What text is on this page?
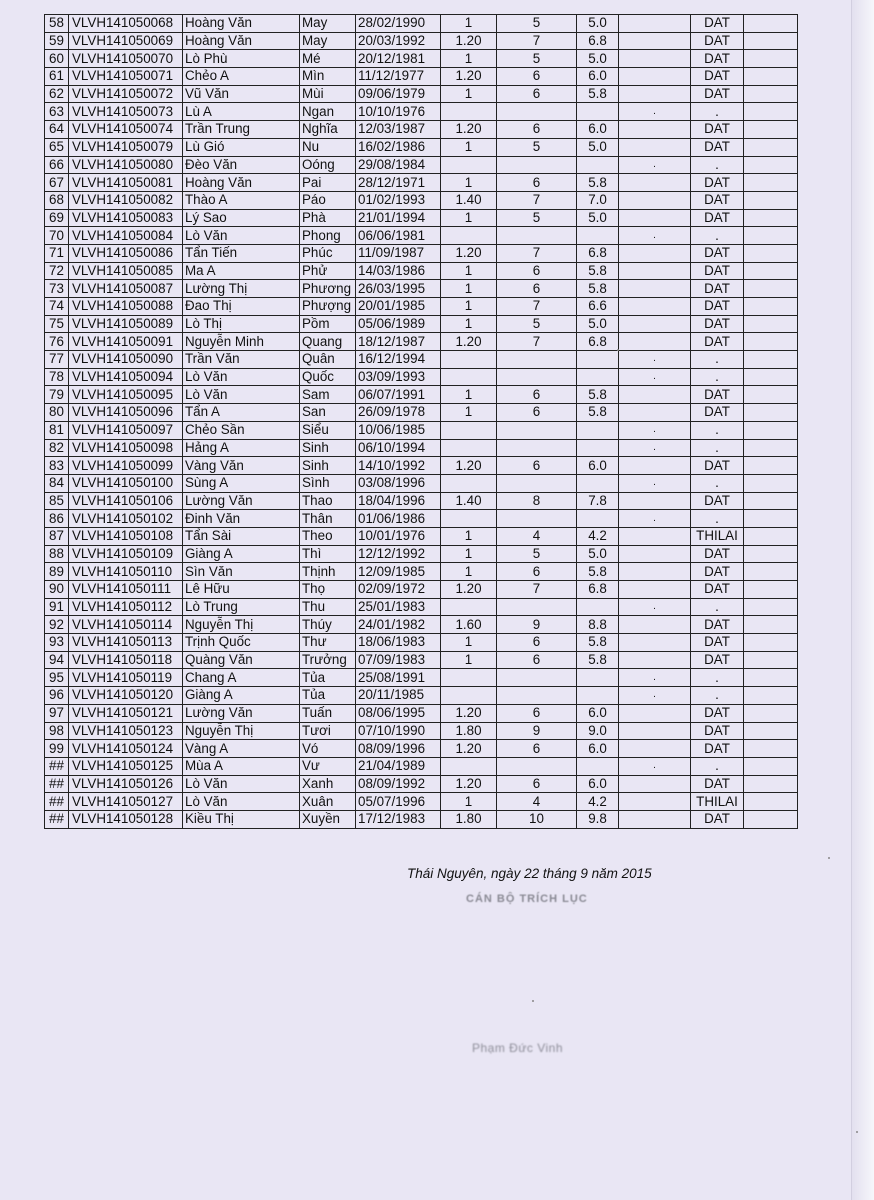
58	VLVH141050068	Hoàng Văn	May	28/02/1990	1	5	5.0		DAT	
59	VLVH141050069	Hoàng Văn	May	20/03/1992	1.20	7	6.8		DAT	
60	VLVH141050070	Lò Phù	Mé	20/12/1981	1	5	5.0		DAT	
61	VLVH141050071	Chẻo A	Mìn	11/12/1977	1.20	6	6.0		DAT	
62	VLVH141050072	Vũ Văn	Mùi	09/06/1979	1	6	5.8		DAT	
63	VLVH141050073	Lù A	Ngan	10/10/1976				.	.	
64	VLVH141050074	Trần Trung	Nghĩa	12/03/1987	1.20	6	6.0		DAT	
65	VLVH141050079	Lù Gió	Nu	16/02/1986	1	5	5.0		DAT	
66	VLVH141050080	Đèo Văn	Oóng	29/08/1984				.	.	
67	VLVH141050081	Hoàng Văn	Pai	28/12/1971	1	6	5.8		DAT	
68	VLVH141050082	Thào A	Páo	01/02/1993	1.40	7	7.0		DAT	
69	VLVH141050083	Lý Sao	Phà	21/01/1994	1	5	5.0		DAT	
70	VLVH141050084	Lò Văn	Phong	06/06/1981				.	.	
71	VLVH141050086	Tẩn Tiến	Phúc	11/09/1987	1.20	7	6.8		DAT	
72	VLVH141050085	Ma A	Phử	14/03/1986	1	6	5.8		DAT	
73	VLVH141050087	Lường Thị	Phương	26/03/1995	1	6	5.8		DAT	
74	VLVH141050088	Đao Thị	Phượng	20/01/1985	1	7	6.6		DAT	
75	VLVH141050089	Lò Thị	Pồm	05/06/1989	1	5	5.0		DAT	
76	VLVH141050091	Nguyễn Minh	Quang	18/12/1987	1.20	7	6.8		DAT	
77	VLVH141050090	Trần Văn	Quân	16/12/1994				.	.	
78	VLVH141050094	Lò Văn	Quốc	03/09/1993				.	.	
79	VLVH141050095	Lò Văn	Sam	06/07/1991	1	6	5.8		DAT	
80	VLVH141050096	Tẩn A	San	26/09/1978	1	6	5.8		DAT	
81	VLVH141050097	Chẻo Sần	Siểu	10/06/1985				.	.	
82	VLVH141050098	Hảng A	Sinh	06/10/1994				.	.	
83	VLVH141050099	Vàng Văn	Sinh	14/10/1992	1.20	6	6.0		DAT	
84	VLVH141050100	Sùng A	Sình	03/08/1996				.	.	
85	VLVH141050106	Lường Văn	Thao	18/04/1996	1.40	8	7.8		DAT	
86	VLVH141050102	Đinh Văn	Thân	01/06/1986				.	.	
87	VLVH141050108	Tẩn Sài	Theo	10/01/1976	1	4	4.2		THILAI	
88	VLVH141050109	Giàng A	Thì	12/12/1992	1	5	5.0		DAT	
89	VLVH141050110	Sìn Văn	Thịnh	12/09/1985	1	6	5.8		DAT	
90	VLVH141050111	Lê Hữu	Thọ	02/09/1972	1.20	7	6.8		DAT	
91	VLVH141050112	Lò Trung	Thu	25/01/1983				.	.	
92	VLVH141050114	Nguyễn Thị	Thúy	24/01/1982	1.60	9	8.8		DAT	
93	VLVH141050113	Trịnh Quốc	Thư	18/06/1983	1	6	5.8		DAT	
94	VLVH141050118	Quàng Văn	Trưởng	07/09/1983	1	6	5.8		DAT	
95	VLVH141050119	Chang A	Tủa	25/08/1991				.	.	
96	VLVH141050120	Giàng A	Tủa	20/11/1985				.	.	
97	VLVH141050121	Lường Văn	Tuấn	08/06/1995	1.20	6	6.0		DAT	
98	VLVH141050123	Nguyễn Thị	Tươi	07/10/1990	1.80	9	9.0		DAT	
99	VLVH141050124	Vàng A	Vó	08/09/1996	1.20	6	6.0		DAT	
##	VLVH141050125	Mùa A	Vư	21/04/1989				.	.	
##	VLVH141050126	Lò Văn	Xanh	08/09/1992	1.20	6	6.0		DAT	
##	VLVH141050127	Lò Văn	Xuân	05/07/1996	1	4	4.2		THILAI	
##	VLVH141050128	Kiều Thị	Xuyền	17/12/1983	1.80	10	9.8		DAT	
Thái Nguyên, ngày 22 tháng 9 năm 2015
CÁN BỘ TRÍCH LỤC
Phạm Đức Vinh
